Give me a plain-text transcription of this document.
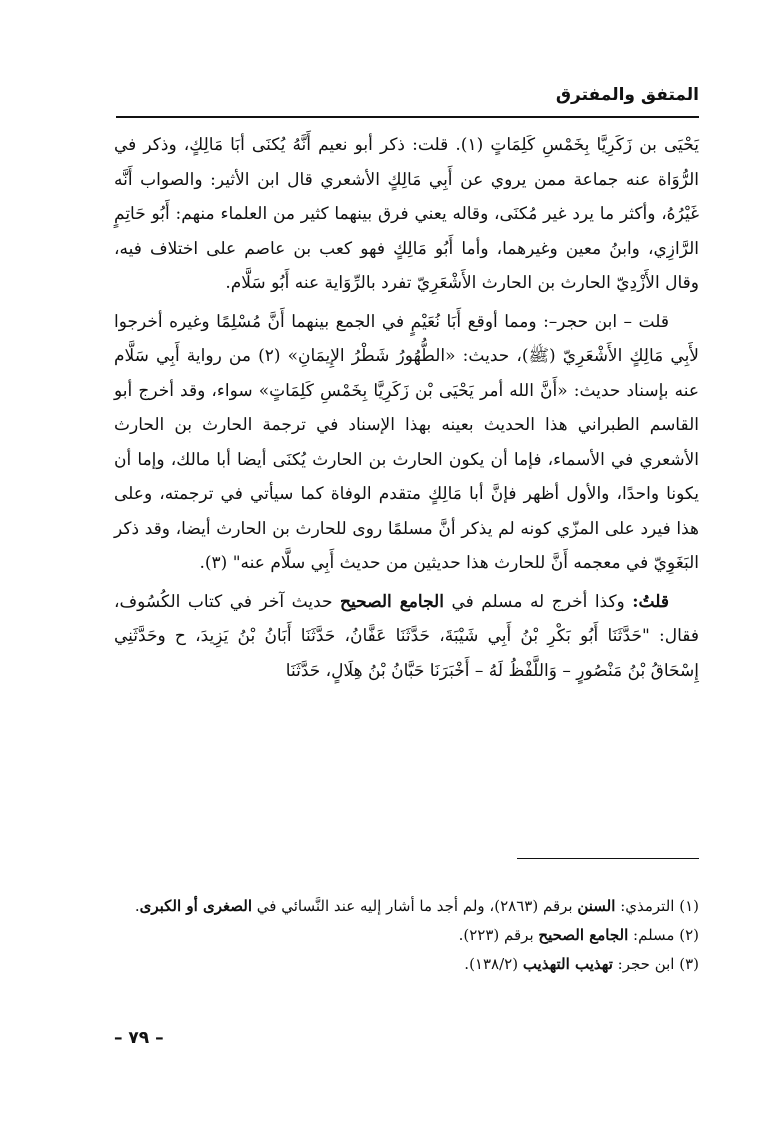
المتفق والمفترق

يَحْيَى بن زَكَرِيَّا بِخَمْسِ كَلِمَاتٍ (١). قلت: ذكر أبو نعيم أَنَّهُ يُكنَى أبَا مَالِكٍ، وذكر في الرُّوَاة عنه جماعة ممن يروي عن أَبِي مَالِكٍ الأشعري قال ابن الأثير: والصواب أَنَّه غَيْرُهُ، وأكثر ما يرد غير مُكنَى، وقاله يعني فرق بينهما كثير من العلماء منهم: أَبُو حَاتِمٍ الرَّازِي، وابنُ معين وغيرهما، وأما أَبُو مَالِكٍ فهو كعب بن عاصم على اختلاف فيه، وقال الأَزْدِيّ الحارث بن الحارث الأَشْعَرِيّ تفرد بالرِّوَاية عنه أَبُو سَلَّام.

قلت – ابن حجر–: ومما أوقع أَبَا نُعَيْمٍ في الجمع بينهما أَنَّ مُسْلِمًا وغيره أخرجوا لأَبِي مَالِكٍ الأَشْعَرِيّ (ﷺ)، حديث: «الطُّهُورُ شَطْرُ الإِيمَانِ» (٢) من رواية أَبِي سَلَّام عنه بإسناد حديث: «أَنَّ الله أمر يَحْيَى بْن زَكَرِيَّا بِخَمْسِ كَلِمَاتٍ» سواء، وقد أخرج أبو القاسم الطبراني هذا الحديث بعينه بهذا الإسناد في ترجمة الحارث بن الحارث الأشعري في الأسماء، فإما أن يكون الحارث بن الحارث يُكنَى أيضا أبا مالك، وإما أن يكونا واحدًا، والأول أظهر فإنَّ أبا مَالِكٍ متقدم الوفاة كما سيأتي في ترجمته، وعلى هذا فيرد على المزّي كونه لم يذكر أنَّ مسلمًا روى للحارث بن الحارث أيضا، وقد ذكر البَغَوِيّ في معجمه أَنَّ للحارث هذا حديثين من حديث أَبِي سلَّام عنه" (٣).

قلتُ: وكذا أخرج له مسلم في الجامع الصحيح حديث آخر في كتاب الكُسُوف، فقال: "حَدَّثَنَا أَبُو بَكْرِ بْنُ أَبِي شَيْبَةَ، حَدَّثَنَا عَفَّانُ، حَدَّثَنَا أَبَانُ بْنُ يَزِيدَ، ح وحَدَّثَنِي إِسْحَاقُ بْنُ مَنْصُورٍ – وَاللَّفْظُ لَهُ – أَخْبَرَنَا حَبَّانُ بْنُ هِلَالٍ، حَدَّثَنَا

(١) الترمذي: السنن برقم (٢٨٦٣)، ولم أجد ما أشار إليه عند النَّسائي في الصغرى أو الكبرى.

(٢) مسلم: الجامع الصحيح برقم (٢٢٣).

(٣) ابن حجر: تهذيب التهذيب (١٣٨/٢).

– ٧٩ –
